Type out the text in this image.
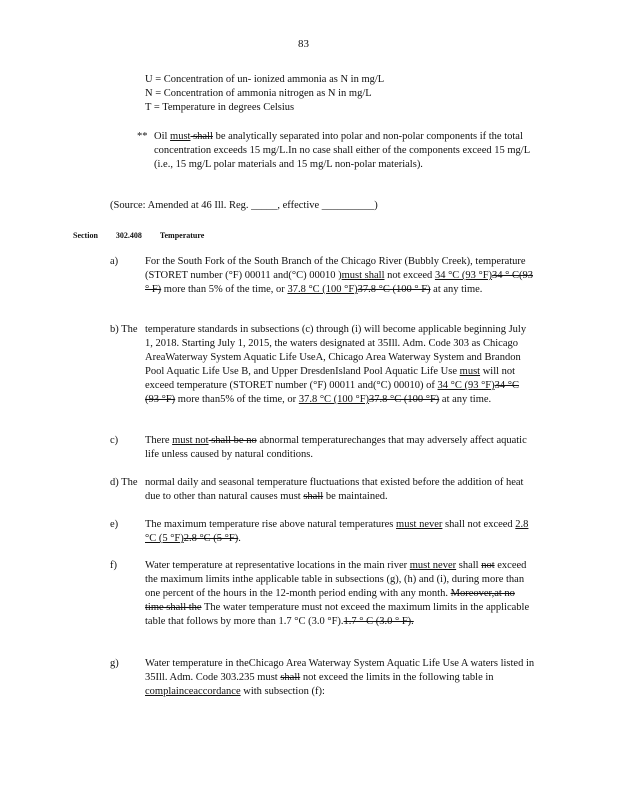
83
U = Concentration of un- ionized ammonia as N in mg/L
N = Concentration of ammonia nitrogen as N in mg/L
T = Temperature in degrees Celsius
** Oil must shall be analytically separated into polar and non-polar components if the total concentration exceeds 15 mg/L.In no case shall either of the components exceed 15 mg/L (i.e., 15 mg/L polar materials and 15 mg/L non-polar materials).
(Source: Amended at 46 Ill. Reg. _____, effective __________)
Section 302.408 Temperature
a)	For the South Fork of the South Branch of the Chicago River (Bubbly Creek), temperature (STORET number (°F) 00011 and(°C) 00010 )must shall not exceed 34 °C (93 °F)34 ° C(93 ° F) more than 5% of the time, or 37.8 °C (100 °F)37.8 °C (100 ° F) at any time.
b) The temperature standards in subsections (c) through (i) will become applicable beginning July 1, 2018. Starting July 1, 2015, the waters designated at 35Ill. Adm. Code 303 as Chicago AreaWaterway System Aquatic Life UseA, Chicago Area Waterway System and Brandon Pool Aquatic Life Use B, and Upper DresdenIsland Pool Aquatic Life Use must will not exceed temperature (STORET number (°F) 00011 and(°C) 00010) of 34 °C (93 °F)34 °C (93 °F) more than5% of the time, or 37.8 °C (100 °F)37.8 °C (100 °F) at any time.
c)	There must not shall be no abnormal temperaturechanges that may adversely affect aquatic life unless caused by natural conditions.
d) The normal daily and seasonal temperature fluctuations that existed before the addition of heat due to other than natural causes must shall be maintained.
e)	The maximum temperature rise above natural temperatures must never shall not exceed 2.8 °C (5 °F)2.8 °C (5 °F).
f)	Water temperature at representative locations in the main river must never shall not exceed the maximum limits inthe applicable table in subsections (g), (h) and (i), during more than one percent of the hours in the 12-month period ending with any month. Moreover,at no time shall the The water temperature must not exceed the maximum limits in the applicable table that follows by more than 1.7 °C (3.0 °F).1.7 ° C (3.0 ° F).
g)	Water temperature in theChicago Area Waterway System Aquatic Life Use A waters listed in 35Ill. Adm. Code 303.235 must shall not exceed the limits in the following table in complainceaccordance with subsection (f):
